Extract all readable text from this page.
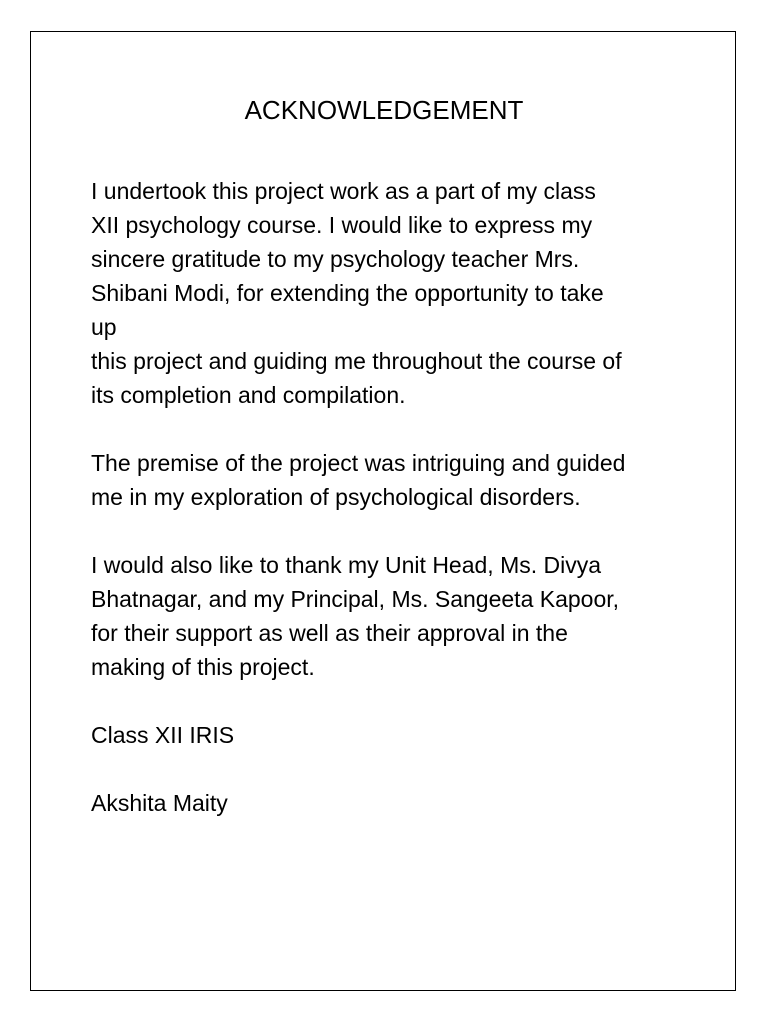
ACKNOWLEDGEMENT

I undertook this project work as a part of my class
XII psychology course. I would like to express my
sincere gratitude to my psychology teacher Mrs.
Shibani Modi, for extending the opportunity to take
up
this project and guiding me throughout the course of
its completion and compilation.

The premise of the project was intriguing and guided
me in my exploration of psychological disorders.

I would also like to thank my Unit Head, Ms. Divya
Bhatnagar, and my Principal, Ms. Sangeeta Kapoor,
for their support as well as their approval in the
making of this project.

Class XII IRIS

Akshita Maity
